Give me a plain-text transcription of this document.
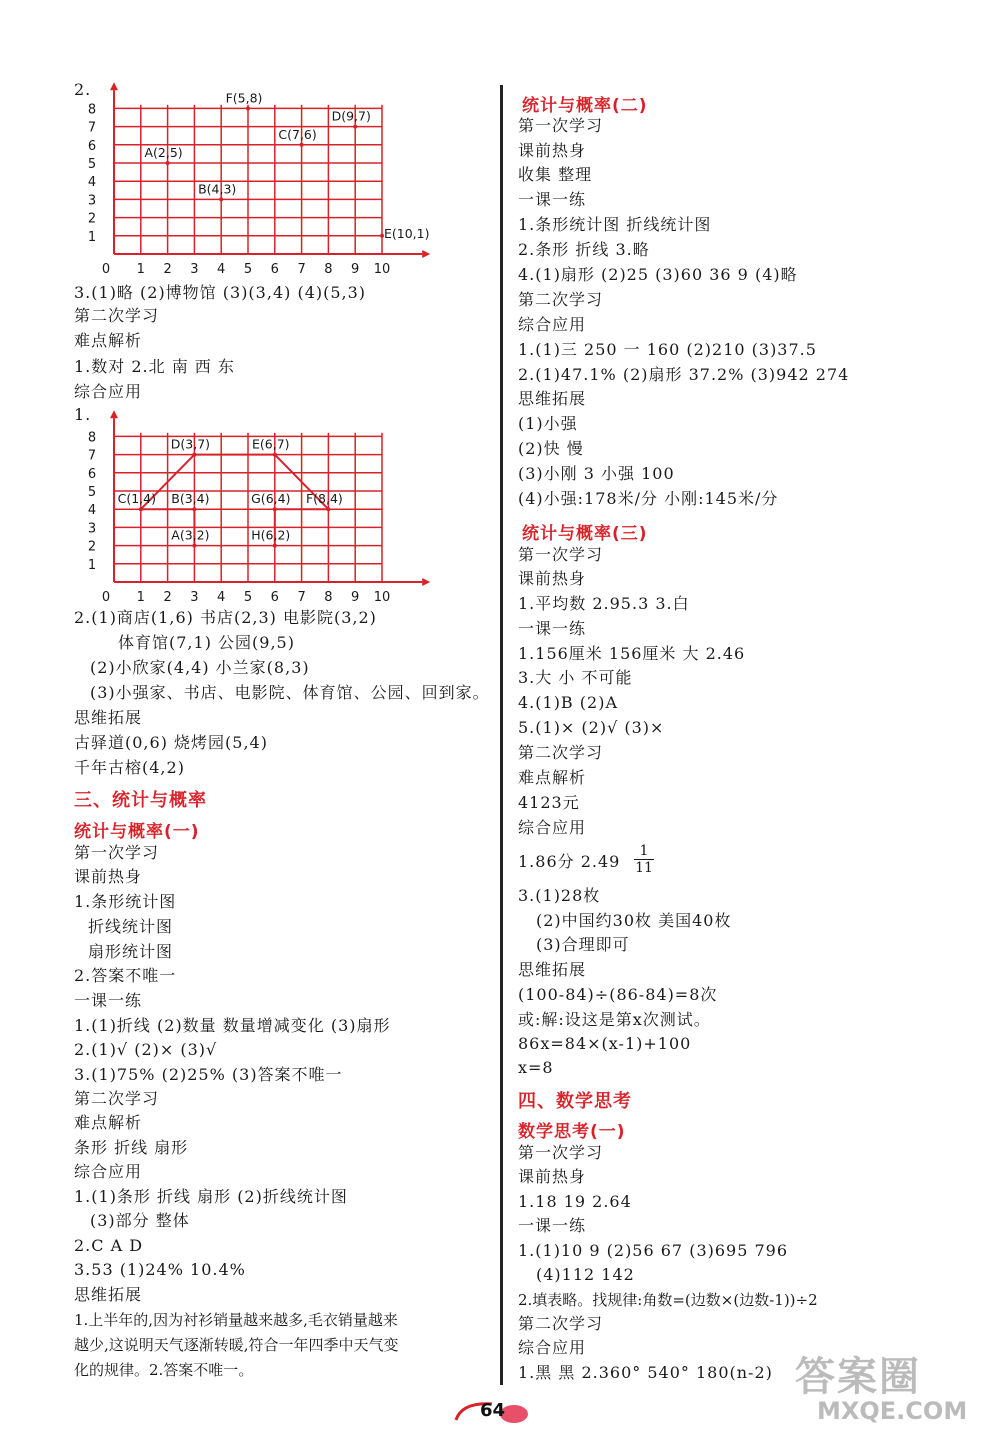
2.
0 1 2 3 4 5 6 7 8 9 10
1
2
3
4
5
6
7
8
F(5,8)
D(9,7)
C(7,6)
A(2,5)
B(4,3)
E(10,1)
3.(1)略 (2)博物馆 (3)(3,4) (4)(5,3)
第二次学习
难点解析
1.数对 2.北 南 西 东
综合应用
1.
0 1 2 3 4 5 6 7 8 9 10
1
2
3
4
5
6
7
8	D(3,7)	E(6,7)
C(1,4) B(3,4)	G(6,4) F(8,4)
A(3,2)	H(6,2)
2.(1)商店(1,6) 书店(2,3) 电影院(3,2)
体育馆(7,1) 公园(9,5)
(2)小欣家(4,4) 小兰家(8,3)
(3)小强家、书店、电影院、体育馆、公园、回到家。
思维拓展
古驿道(0,6) 烧烤园(5,4)
千年古榕(4,2)
三、统计与概率
统计与概率(一)
第一次学习
课前热身
1.条形统计图
折线统计图
扇形统计图
2.答案不唯一
一课一练
1.(1)折线 (2)数量 数量增减变化 (3)扇形
2.(1)√ (2)× (3)√
3.(1)75% (2)25% (3)答案不唯一
第二次学习
难点解析
条形 折线 扇形
综合应用
1.(1)条形 折线 扇形 (2)折线统计图
(3)部分 整体
2.C A D
3.53 (1)24% 10.4%
思维拓展
1.上半年的,因为衬衫销量越来越多,毛衣销量越来
越少,这说明天气逐渐转暖,符合一年四季中天气变
化的规律。2.答案不唯一。
统计与概率(二)
第一次学习
课前热身
收集 整理
一课一练
1.条形统计图 折线统计图
2.条形 折线 3.略
4.(1)扇形 (2)25 (3)60 36 9 (4)略
第二次学习
综合应用
1.(1)三 250 一 160 (2)210 (3)37.5
2.(1)47.1% (2)扇形 37.2% (3)942 274
思维拓展
(1)小强
(2)快 慢
(3)小刚 3 小强 100
(4)小强:178米/分 小刚:145米/分
统计与概率(三)
第一次学习
课前热身
1.平均数 2.95.3 3.白
一课一练
1.156厘米 156厘米 大 2.46
3.大 小 不可能
4.(1)B (2)A
5.(1)× (2)√ (3)×
第二次学习
难点解析
4123元
综合应用
1.86分 $2.49 \frac{1}{11}$
3.(1)28枚
(2)中国约30枚 美国40枚
(3)合理即可
思维拓展
(100-84)÷(86-84)=8次
或:解:设这是第x次测试。
86x=84×(x-1)+100
x=8
四、数学思考
数学思考(一)
第一次学习
课前热身
1.18 19 2.64
一课一练
1.(1)10 9 (2)56 67 (3)695 796
(4)112 142
2.填表略。找规律:角数=(边数×(边数-1))÷2
第二次学习
综合应用
1.黑 黑 2.360° 540° 180(n-2)
64
答案圈
MXQE.COM
